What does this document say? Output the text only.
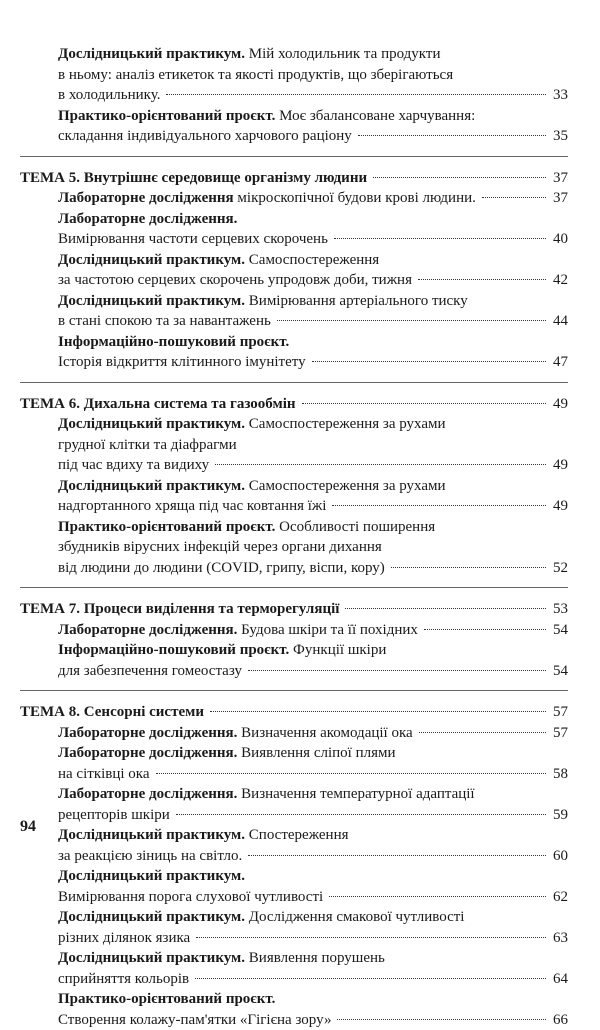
Дослідницький практикум. Мій холодильник та продукти
в ньому: аналіз етикеток та якості продуктів, що зберігаються
в холодильнику.	33
Практико-орієнтований проєкт. Моє збалансоване харчування:
складання індивідуального харчового раціону	35
ТЕМА 5. Внутрішнє середовище організму людини	37
Лабораторне дослідження мікроскопічної будови крові людини.	37
Лабораторне дослідження.
Вимірювання частоти серцевих скорочень	40
Дослідницький практикум. Самоспостереження
за частотою серцевих скорочень упродовж доби, тижня	42
Дослідницький практикум. Вимірювання артеріального тиску
в стані спокою та за навантажень	44
Інформаційно-пошуковий проєкт.
Історія відкриття клітинного імунітету	47
ТЕМА 6. Дихальна система та газообмін	49
Дослідницький практикум. Самоспостереження за рухами
грудної клітки та діафрагми
під час вдиху та видиху	49
Дослідницький практикум. Самоспостереження за рухами
надгортанного хряща під час ковтання їжі	49
Практико-орієнтований проєкт. Особливості поширення
збудників вірусних інфекцій через органи дихання
від людини до людини (COVID, грипу, віспи, кору)	52
ТЕМА 7. Процеси виділення та терморегуляції	53
Лабораторне дослідження. Будова шкіри та її похідних	54
Інформаційно-пошуковий проєкт. Функції шкіри
для забезпечення гомеостазу	54
ТЕМА 8. Сенсорні системи	57
Лабораторне дослідження. Визначення акомодації ока	57
Лабораторне дослідження. Виявлення сліпої плями
на сітківці ока	58
Лабораторне дослідження. Визначення температурної адаптації
рецепторів шкіри	59
Дослідницький практикум. Спостереження
за реакцією зіниць на світло.	60
Дослідницький практикум.
Вимірювання порога слухової чутливості	62
Дослідницький практикум. Дослідження смакової чутливості
різних ділянок язика	63
Дослідницький практикум. Виявлення порушень
сприйняття кольорів	64
Практико-орієнтований проєкт.
Створення колажу-пам'ятки «Гігієна зору»	66
94
